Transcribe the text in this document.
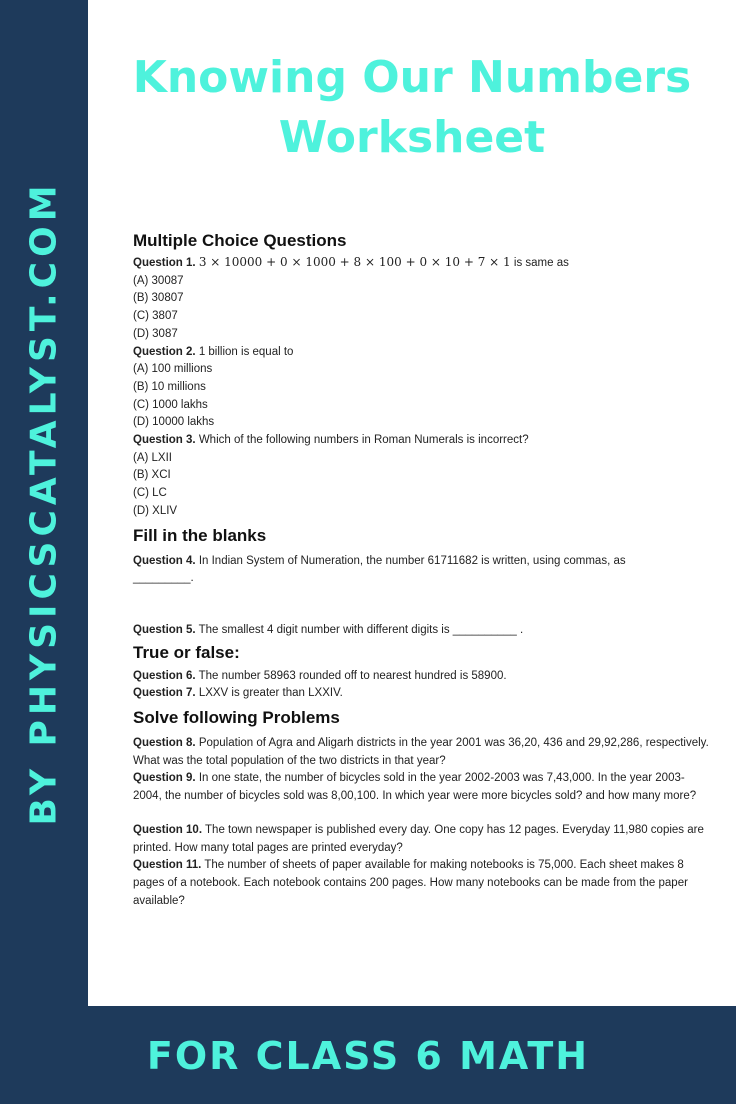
BY PHYSICSCATALYST.COM
Knowing Our Numbers
Worksheet
Multiple Choice Questions

Question 1. 3 × 10000 + 0 × 1000 + 8 × 100 + 0 × 10 + 7 × 1 is same as

(A) 30087

(B) 30807

(C) 3807

(D) 3087

Question 2. 1 billion is equal to

(A) 100 millions

(B) 10 millions

(C) 1000 lakhs

(D) 10000 lakhs

Question 3. Which of the following numbers in Roman Numerals is incorrect?

(A) LXII

(B) XCI

(C) LC

(D) XLIV

Fill in the blanks

Question 4. In Indian System of Numeration, the number 61711682 is written, using commas, as

_________.

Question 5. The smallest 4 digit number with different digits is __________ .

True or false:

Question 6. The number 58963 rounded off to nearest hundred is 58900.

Question 7. LXXV is greater than LXXIV.

Solve following Problems

Question 8. Population of Agra and Aligarh districts in the year 2001 was 36,20, 436 and 29,92,286, respectively. What was the total population of the two districts in that year?

Question 9. In one state, the number of bicycles sold in the year 2002-2003 was 7,43,000. In the year 2003-2004, the number of bicycles sold was 8,00,100. In which year were more bicycles sold? and how many more?

Question 10. The town newspaper is published every day. One copy has 12 pages. Everyday 11,980 copies are printed. How many total pages are printed everyday?

Question 11. The number of sheets of paper available for making notebooks is 75,000. Each sheet makes 8 pages of a notebook. Each notebook contains 200 pages. How many notebooks can be made from the paper available?

FOR CLASS 6 MATH
